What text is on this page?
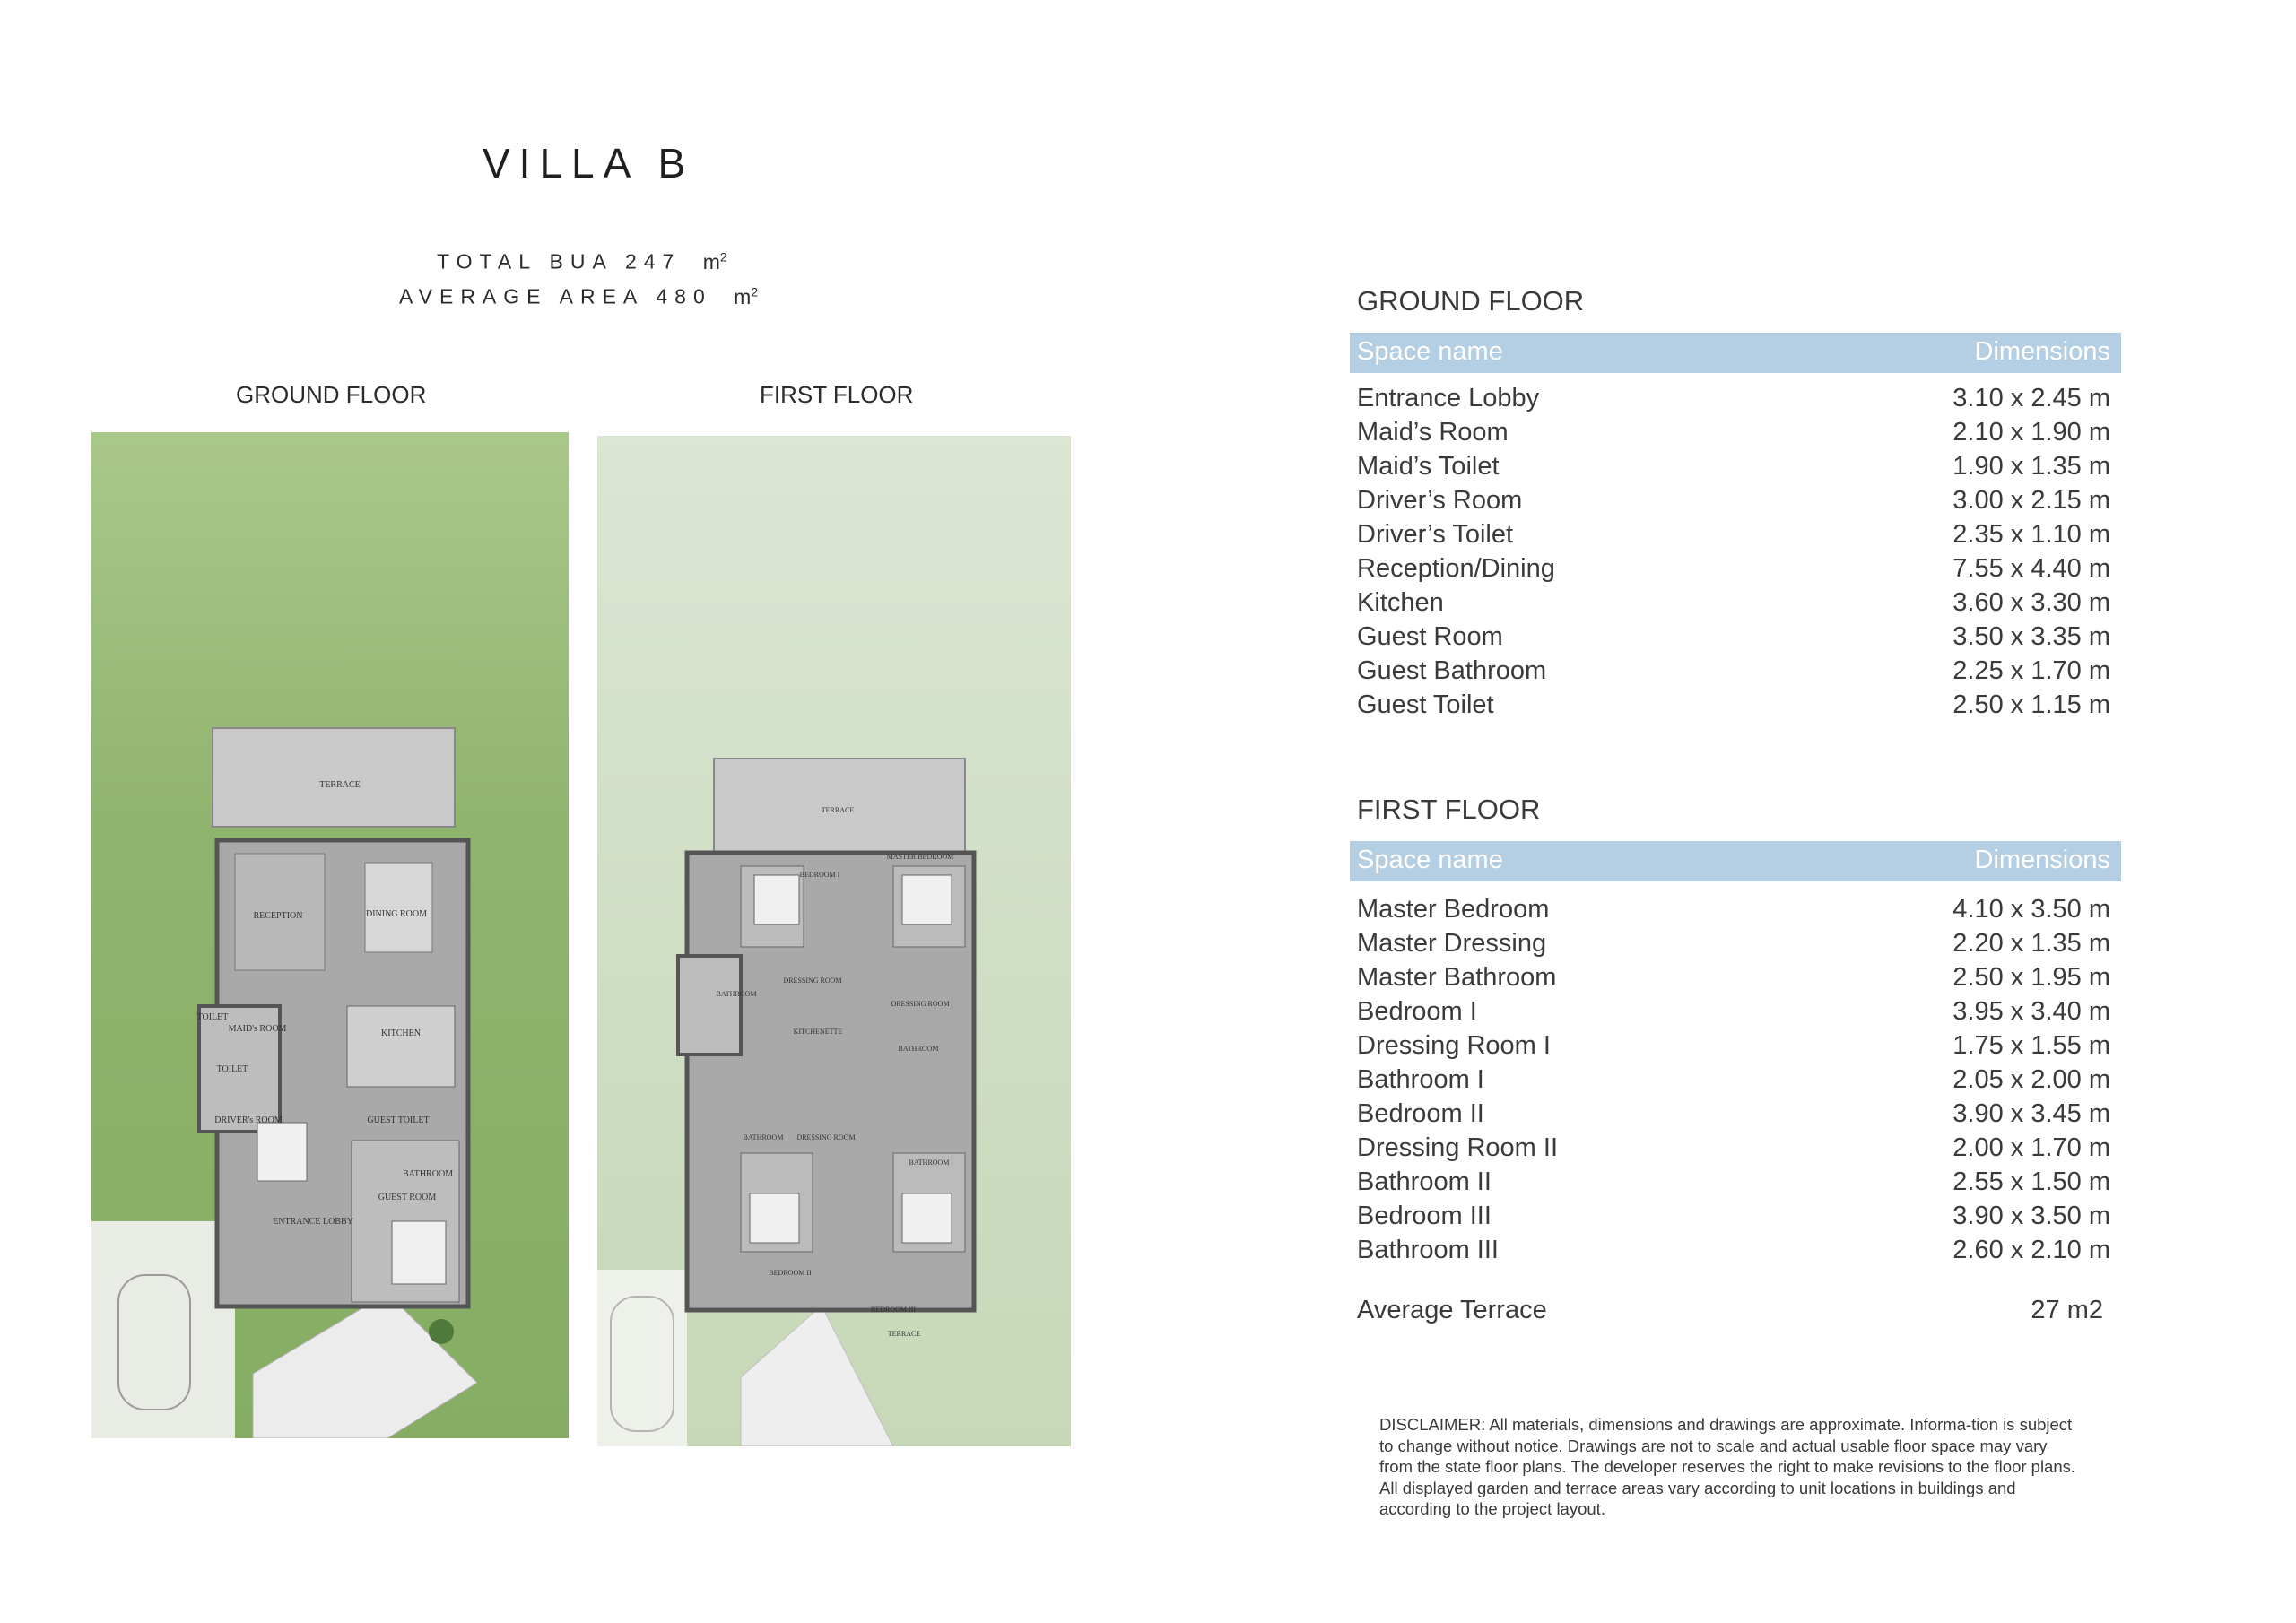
VILLA B
TOTAL BUA 247 $m^2$
AVERAGE AREA 480 $m^2$
GROUND FLOOR	FIRST FLOOR
TERRACE
RECEPTION	DINING ROOM
TOILET
MAID's ROOM	KITCHEN
TOILET
DRIVER's ROOM	GUEST TOILET
BATHROOM
GUEST ROOM
ENTRANCE LOBBY
TERRACE
BEDROOM I
MASTER BEDROOM
DRESSING ROOM
BATHROOM
DRESSING ROOM
KITCHENETTE
BATHROOM
BATHROOM DRESSING ROOM
BATHROOM
BEDROOM II
BEDROOM III
TERRACE
GROUND FLOOR
Space name	Dimensions
Entrance Lobby	3.10 x 2.45 m
Maid’s Room	2.10 x 1.90 m
Maid’s Toilet	1.90 x 1.35 m
Driver’s Room	3.00 x 2.15 m
Driver’s Toilet	2.35 x 1.10 m
Reception/Dining	7.55 x 4.40 m
Kitchen	3.60 x 3.30 m
Guest Room	3.50 x 3.35 m
Guest Bathroom	2.25 x 1.70 m
Guest Toilet	2.50 x 1.15 m
FIRST FLOOR
Space name	Dimensions
Master Bedroom	4.10 x 3.50 m
Master Dressing	2.20 x 1.35 m
Master Bathroom	2.50 x 1.95 m
Bedroom I	3.95 x 3.40 m
Dressing Room I	1.75 x 1.55 m
Bathroom I	2.05 x 2.00 m
Bedroom II	3.90 x 3.45 m
Dressing Room II	2.00 x 1.70 m
Bathroom II	2.55 x 1.50 m
Bedroom III	3.90 x 3.50 m
Bathroom III	2.60 x 2.10 m
Average Terrace	27 m2
DISCLAIMER: All materials, dimensions and drawings are approximate. Informa-tion is subject to change without notice. Drawings are not to scale and actual usable floor space may vary from the state floor plans. The developer reserves the right to make revisions to the floor plans. All displayed garden and terrace areas vary according to unit locations in buildings and according to the project layout.
